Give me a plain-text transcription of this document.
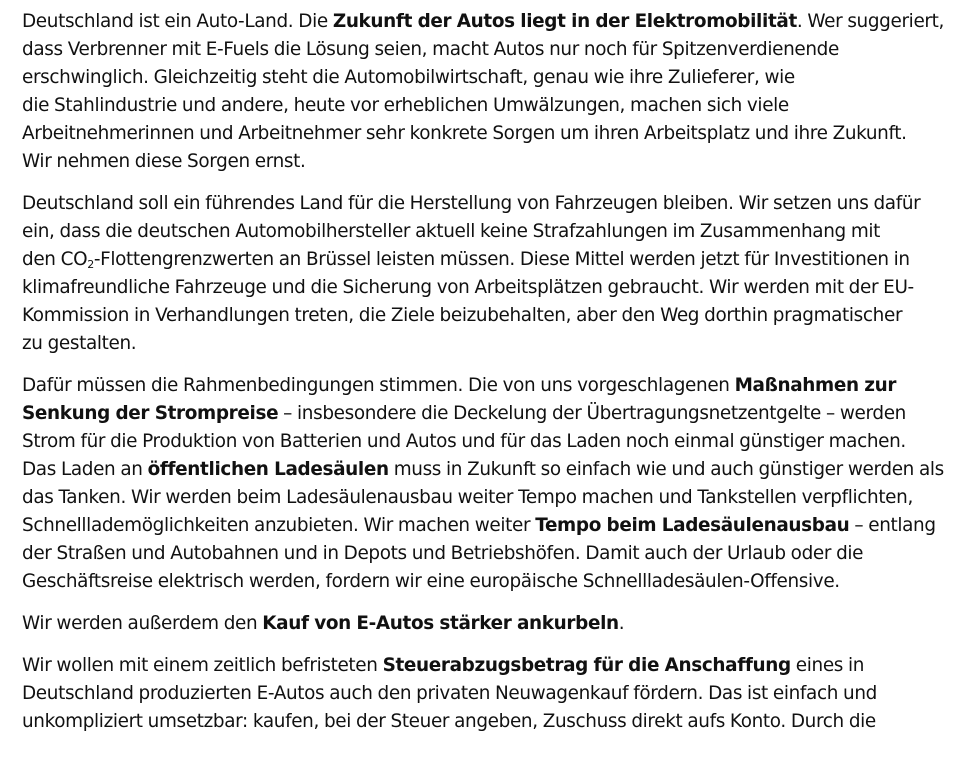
Deutschland ist ein Auto-Land. Die Zukunft der Autos liegt in der Elektromobilität. Wer suggeriert,
dass Verbrenner mit E-Fuels die Lösung seien, macht Autos nur noch für Spitzenverdienende
erschwinglich. Gleichzeitig steht die Automobilwirtschaft, genau wie ihre Zulieferer, wie
die Stahlindustrie und andere, heute vor erheblichen Umwälzungen, machen sich viele
Arbeitnehmerinnen und Arbeitnehmer sehr konkrete Sorgen um ihren Arbeitsplatz und ihre Zukunft.
Wir nehmen diese Sorgen ernst.

Deutschland soll ein führendes Land für die Herstellung von Fahrzeugen bleiben. Wir setzen uns dafür
ein, dass die deutschen Automobilhersteller aktuell keine Strafzahlungen im Zusammenhang mit
den $CO_2$-Flottengrenzwerten an Brüssel leisten müssen. Diese Mittel werden jetzt für Investitionen in
klimafreundliche Fahrzeuge und die Sicherung von Arbeitsplätzen gebraucht. Wir werden mit der EU-
Kommission in Verhandlungen treten, die Ziele beizubehalten, aber den Weg dorthin pragmatischer
zu gestalten.

Dafür müssen die Rahmenbedingungen stimmen. Die von uns vorgeschlagenen Maßnahmen zur
Senkung der Strompreise – insbesondere die Deckelung der Übertragungsnetzentgelte – werden
Strom für die Produktion von Batterien und Autos und für das Laden noch einmal günstiger machen.
Das Laden an öffentlichen Ladesäulen muss in Zukunft so einfach wie und auch günstiger werden als
das Tanken. Wir werden beim Ladesäulenausbau weiter Tempo machen und Tankstellen verpflichten,
Schnelllademöglichkeiten anzubieten. Wir machen weiter Tempo beim Ladesäulenausbau – entlang
der Straßen und Autobahnen und in Depots und Betriebshöfen. Damit auch der Urlaub oder die
Geschäftsreise elektrisch werden, fordern wir eine europäische Schnellladesäulen-Offensive.

Wir werden außerdem den Kauf von E-Autos stärker ankurbeln.

Wir wollen mit einem zeitlich befristeten Steuerabzugsbetrag für die Anschaffung eines in
Deutschland produzierten E-Autos auch den privaten Neuwagenkauf fördern. Das ist einfach und
unkompliziert umsetzbar: kaufen, bei der Steuer angeben, Zuschuss direkt aufs Konto. Durch die
